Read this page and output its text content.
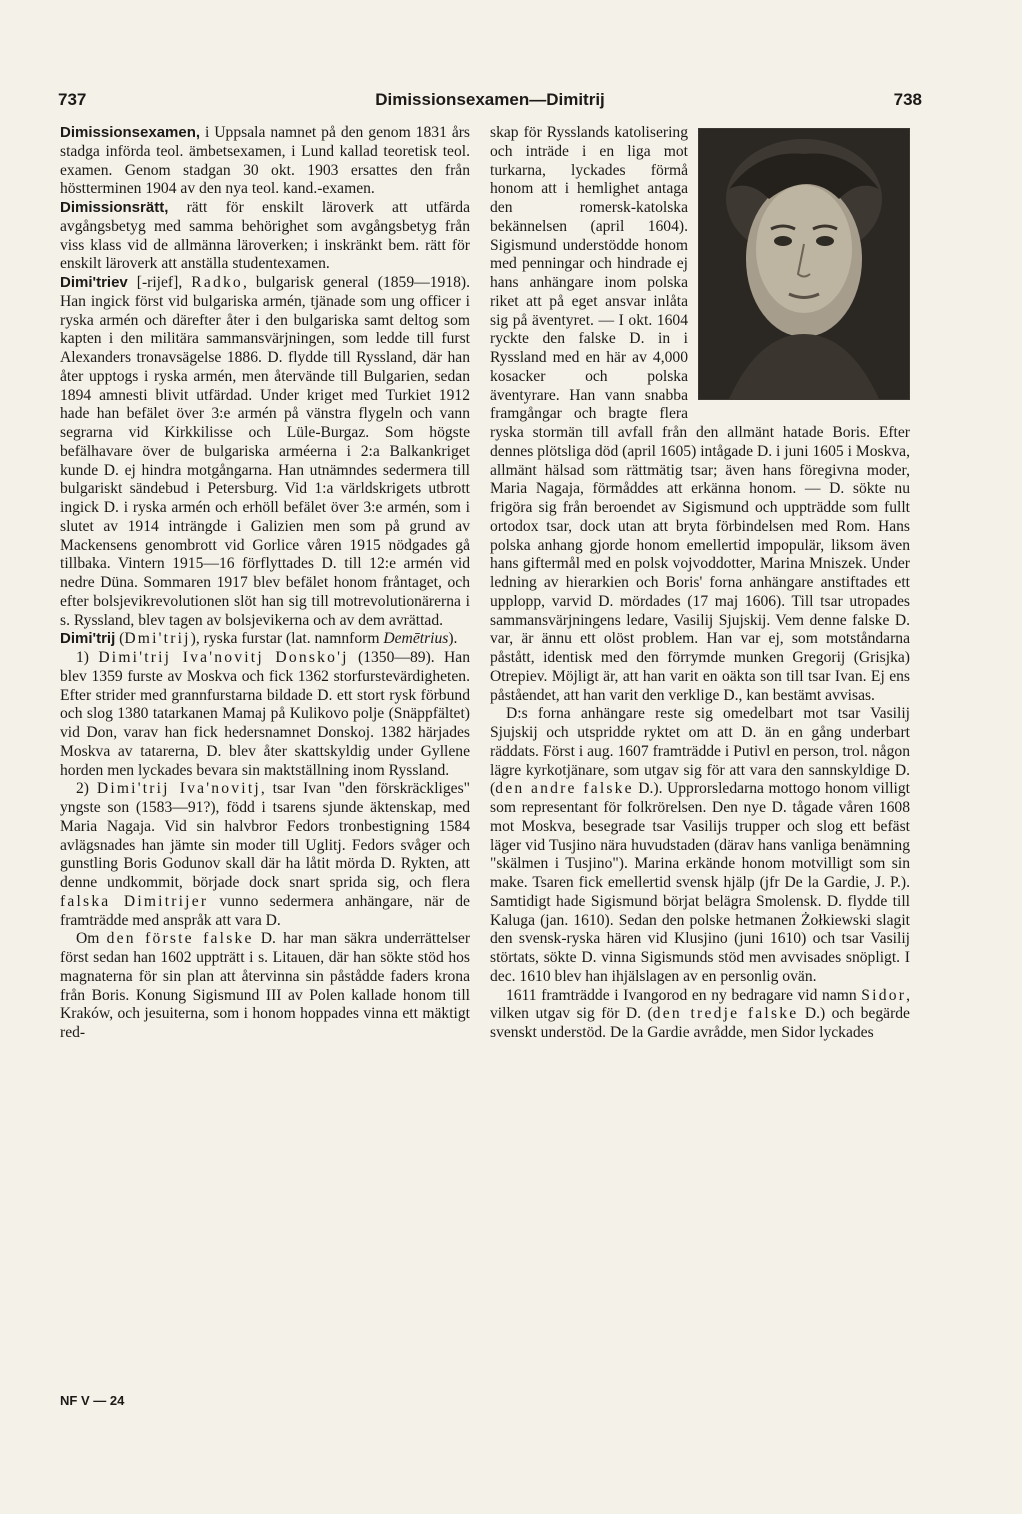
737	Dimissionsexamen—Dimitrij	738

Dimissionsexamen, i Uppsala namnet på den genom 1831 års stadga införda teol. ämbetsexamen, i Lund kallad teoretisk teol. examen. Genom stadgan 30 okt. 1903 ersattes den från höstterminen 1904 av den nya teol. kand.-examen.

Dimissionsrätt, rätt för enskilt läroverk att utfärda avgångsbetyg med samma behörighet som avgångsbetyg från viss klass vid de allmänna läroverken; i inskränkt bem. rätt för enskilt läroverk att anställa studentexamen.

Dimi'triev [-rijef], Radko, bulgarisk general (1859—1918). Han ingick först vid bulgariska armén, tjänade som ung officer i ryska armén och därefter åter i den bulgariska samt deltog som kapten i den militära sammansvärjningen, som ledde till furst Alexanders tronavsägelse 1886. D. flydde till Ryssland, där han åter upptogs i ryska armén, men återvände till Bulgarien, sedan 1894 amnesti blivit utfärdad. Under kriget med Turkiet 1912 hade han befälet över 3:e armén på vänstra flygeln och vann segrarna vid Kirkkilisse och Lüle-Burgaz. Som högste befälhavare över de bulgariska arméerna i 2:a Balkankriget kunde D. ej hindra motgångarna. Han utnämndes sedermera till bulgariskt sändebud i Petersburg. Vid 1:a världskrigets utbrott ingick D. i ryska armén och erhöll befälet över 3:e armén, som i slutet av 1914 inträngde i Galizien men som på grund av Mackensens genombrott vid Gorlice våren 1915 nödgades gå tillbaka. Vintern 1915—16 förflyttades D. till 12:e armén vid nedre Düna. Sommaren 1917 blev befälet honom fråntaget, och efter bolsjevikrevolutionen slöt han sig till motrevolutionärerna i s. Ryssland, blev tagen av bolsjevikerna och av dem avrättad.

Dimi'trij (Dmi'trij), ryska furstar (lat. namnform Demētrius).

1) Dimi'trij Iva'novitj Donsko'j (1350—89). Han blev 1359 furste av Moskva och fick 1362 storfurstevärdigheten. Efter strider med grannfurstarna bildade D. ett stort rysk förbund och slog 1380 tatarkanen Mamaj på Kulikovo polje (Snäppfältet) vid Don, varav han fick hedersnamnet Donskoj. 1382 härjades Moskva av tatarerna, D. blev åter skattskyldig under Gyllene horden men lyckades bevara sin maktställning inom Ryssland.

2) Dimi'trij Iva'novitj, tsar Ivan "den förskräckliges" yngste son (1583—91?), född i tsarens sjunde äktenskap, med Maria Nagaja. Vid sin halvbror Fedors tronbestigning 1584 avlägsnades han jämte sin moder till Uglitj. Fedors svåger och gunstling Boris Godunov skall där ha låtit mörda D. Rykten, att denne undkommit, började dock snart sprida sig, och flera falska Dimitrijer vunno sedermera anhängare, när de framträdde med anspråk att vara D.

Om den förste falske D. har man säkra underrättelser först sedan han 1602 uppträtt i s. Litauen, där han sökte stöd hos magnaterna för sin plan att återvinna sin påstådde faders krona från Boris. Konung Sigismund III av Polen kallade honom till Kraków, och jesuiterna, som i honom hoppades vinna ett mäktigt red-

skap för Rysslands katolisering och inträde i en liga mot turkarna, lyckades förmå honom att i hemlighet antaga den romersk-katolska bekännelsen (april 1604). Sigismund understödde honom med penningar och hindrade ej hans anhängare inom polska riket att på eget ansvar inlåta sig på äventyret. — I okt. 1604 ryckte den falske D. in i Ryssland med en här av 4,000 kosacker och polska äventyrare. Han vann snabba framgångar och bragte flera ryska stormän till avfall från den allmänt hatade Boris. Efter dennes plötsliga död (april 1605) intågade D. i juni 1605 i Moskva, allmänt hälsad som rättmätig tsar; även hans föregivna moder, Maria Nagaja, förmåddes att erkänna honom. — D. sökte nu frigöra sig från beroendet av Sigismund och uppträdde som fullt ortodox tsar, dock utan att bryta förbindelsen med Rom. Hans polska anhang gjorde honom emellertid impopulär, liksom även hans giftermål med en polsk vojvoddotter, Marina Mniszek. Under ledning av hierarkien och Boris' forna anhängare anstiftades ett upplopp, varvid D. mördades (17 maj 1606). Till tsar utropades sammansvärjningens ledare, Vasilij Sjujskij. Vem denne falske D. var, är ännu ett olöst problem. Han var ej, som motståndarna påstått, identisk med den förrymde munken Gregorij (Grisjka) Otrepiev. Möjligt är, att han varit en oäkta son till tsar Ivan. Ej ens påståendet, att han varit den verklige D., kan bestämt avvisas.

D:s forna anhängare reste sig omedelbart mot tsar Vasilij Sjujskij och utspridde ryktet om att D. än en gång underbart räddats. Först i aug. 1607 framträdde i Putivl en person, trol. någon lägre kyrkotjänare, som utgav sig för att vara den sannskyldige D. (den andre falske D.). Upprorsledarna mottogo honom villigt som representant för folkrörelsen. Den nye D. tågade våren 1608 mot Moskva, besegrade tsar Vasilijs trupper och slog ett befäst läger vid Tusjino nära huvudstaden (därav hans vanliga benämning "skälmen i Tusjino"). Marina erkände honom motvilligt som sin make. Tsaren fick emellertid svensk hjälp (jfr De la Gardie, J. P.). Samtidigt hade Sigismund börjat belägra Smolensk. D. flydde till Kaluga (jan. 1610). Sedan den polske hetmanen Żołkiewski slagit den svensk-ryska hären vid Klusjino (juni 1610) och tsar Vasilij störtats, sökte D. vinna Sigismunds stöd men avvisades snöpligt. I dec. 1610 blev han ihjälslagen av en personlig ovän.

1611 framträdde i Ivangorod en ny bedragare vid namn Sidor, vilken utgav sig för D. (den tredje falske D.) och begärde svenskt understöd. De la Gardie avrådde, men Sidor lyckades

NF V — 24
